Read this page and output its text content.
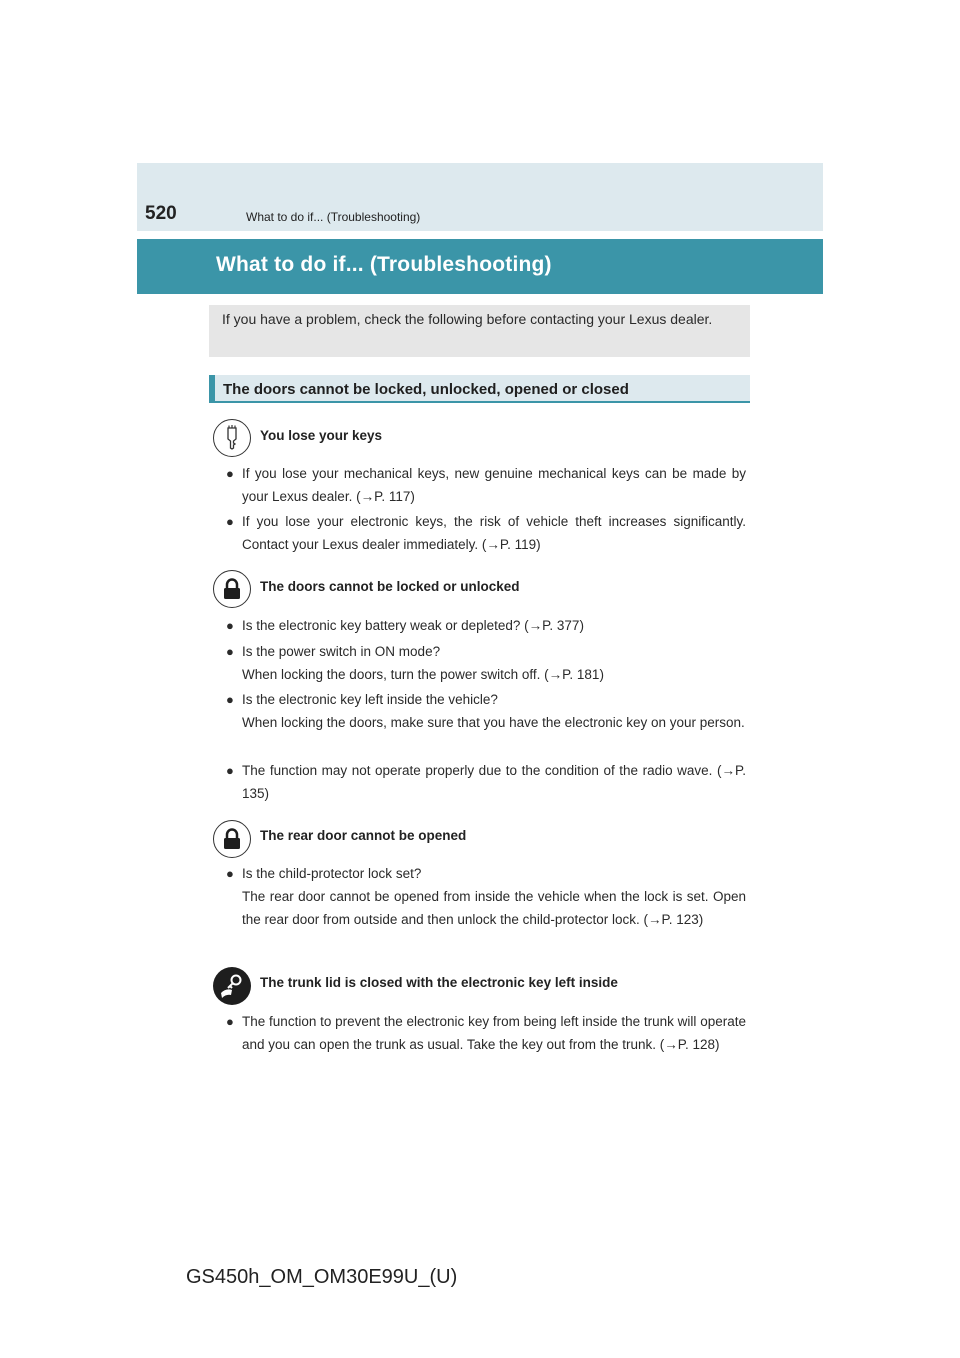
520	What to do if... (Troubleshooting)
What to do if... (Troubleshooting)
If you have a problem, check the following before contacting your Lexus dealer.
The doors cannot be locked, unlocked, opened or closed
You lose your keys
● If you lose your mechanical keys, new genuine mechanical keys can be made by your Lexus dealer. (→P. 117)
● If you lose your electronic keys, the risk of vehicle theft increases significantly. Contact your Lexus dealer immediately. (→P. 119)
The doors cannot be locked or unlocked
● Is the electronic key battery weak or depleted? (→P. 377)
● Is the power switch in ON mode?
When locking the doors, turn the power switch off. (→P. 181)
● Is the electronic key left inside the vehicle?
When locking the doors, make sure that you have the electronic key on your person.
● The function may not operate properly due to the condition of the radio wave. (→P. 135)
The rear door cannot be opened
● Is the child-protector lock set?
The rear door cannot be opened from inside the vehicle when the lock is set. Open the rear door from outside and then unlock the child-protector lock. (→P. 123)
The trunk lid is closed with the electronic key left inside
● The function to prevent the electronic key from being left inside the trunk will operate and you can open the trunk as usual. Take the key out from the trunk. (→P. 128)
GS450h_OM_OM30E99U_(U)
